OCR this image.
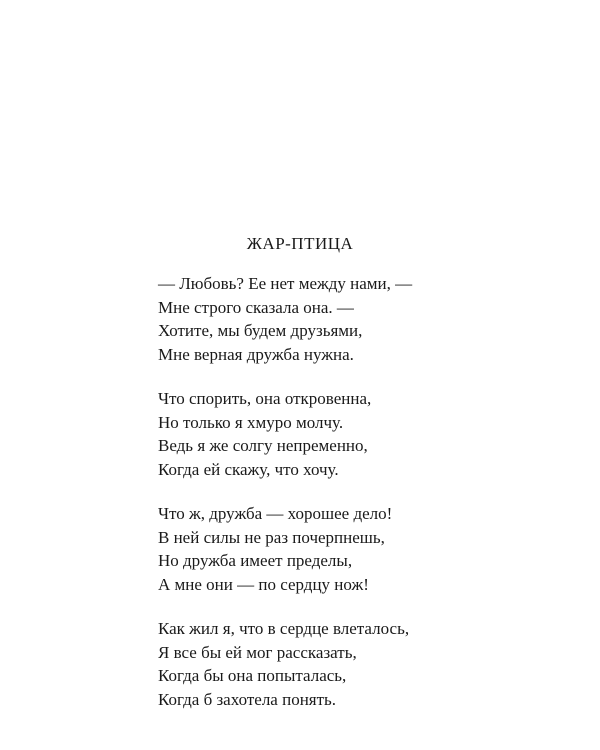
ЖАР-ПТИЦА
— Любовь? Ее нет между нами, —
Мне строго сказала она. —
Хотите, мы будем друзьями,
Мне верная дружба нужна.
Что спорить, она откровенна,
Но только я хмуро молчу.
Ведь я же солгу непременно,
Когда ей скажу, что хочу.
Что ж, дружба — хорошее дело!
В ней силы не раз почерпнешь,
Но дружба имеет пределы,
А мне они — по сердцу нож!
Как жил я, что в сердце влеталось,
Я все бы ей мог рассказать,
Когда бы она попыталась,
Когда б захотела понять.
